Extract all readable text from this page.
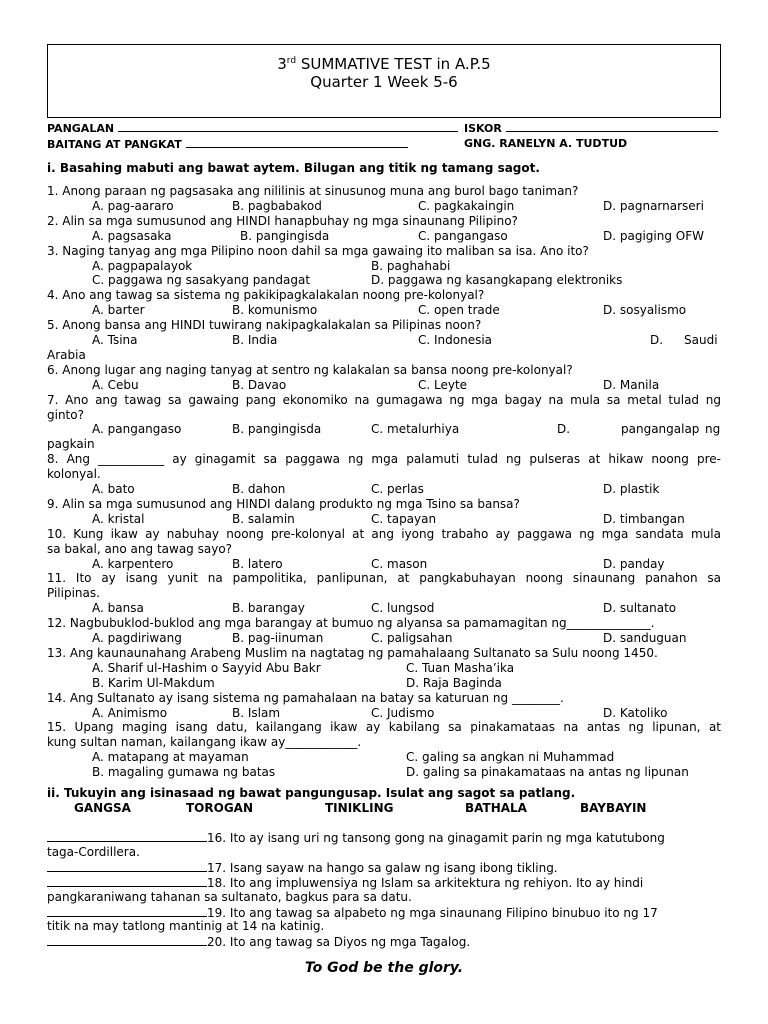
3rd SUMMATIVE TEST in A.P.5
Quarter 1 Week 5-6
PANGALAN	ISKOR
BAITANG AT PANGKAT	GNG. RANELYN A. TUDTUD
i. Basahing mabuti ang bawat aytem. Bilugan ang titik ng tamang sagot.
ii. Tukuyin ang isinasaad ng bawat pangungusap. Isulat ang sagot sa patlang.
To God be the glory.
1. Anong paraan ng pagsasaka ang nililinis at sinusunog muna ang burol bago taniman?
A. pag-aararo	B. pagbabakod	C. pagkakaingin	D. pagnarnarseri
2. Alin sa mga sumusunod ang HINDI hanapbuhay ng mga sinaunang Pilipino?
A. pagsasaka	B. pangingisda	C. pangangaso	D. pagiging OFW
3. Naging tanyag ang mga Pilipino noon dahil sa mga gawaing ito maliban sa isa. Ano ito?
A. pagpapalayok	B. paghahabi
C. paggawa ng sasakyang pandagat	D. paggawa ng kasangkapang elektroniks
4. Ano ang tawag sa sistema ng pakikipagkalakalan noong pre-kolonyal?
A. barter	B. komunismo	C. open trade	D. sosyalismo
5. Anong bansa ang HINDI tuwirang nakipagkalakalan sa Pilipinas noon?
A. Tsina	B. India	C. Indonesia	D. Saudi
Arabia
6. Anong lugar ang naging tanyag at sentro ng kalakalan sa bansa noong pre-kolonyal?
A. Cebu	B. Davao	C. Leyte	D. Manila
7. Ano ang tawag sa gawaing pang ekonomiko na gumagawa ng mga bagay na mula sa metal tulad ng
ginto?
A. pangangaso	B. pangingisda	C. metalurhiya	D.	pangangalap ng
pagkain
8. Ang ___________ ay ginagamit sa paggawa ng mga palamuti tulad ng pulseras at hikaw noong pre-
kolonyal.
A. bato	B. dahon	C. perlas	D. plastik
9. Alin sa mga sumusunod ang HINDI dalang produkto ng mga Tsino sa bansa?
A. kristal	B. salamin	C. tapayan	D. timbangan
10. Kung ikaw ay nabuhay noong pre-kolonyal at ang iyong trabaho ay paggawa ng mga sandata mula
sa bakal, ano ang tawag sayo?
A. karpentero	B. latero	C. mason	D. panday
11. Ito ay isang yunit na pampolitika, panlipunan, at pangkabuhayan noong sinaunang panahon sa
Pilipinas.
A. bansa	B. barangay	C. lungsod	D. sultanato
12. Nagbubuklod-buklod ang mga barangay at bumuo ng alyansa sa pamamagitan ng______________.
A. pagdiriwang	B. pag-iinuman	C. paligsahan	D. sanduguan
13. Ang kaunaunahang Arabeng Muslim na nagtatag ng pamahalaang Sultanato sa Sulu noong 1450.
A. Sharif ul-Hashim o Sayyid Abu Bakr	C. Tuan Masha’ika
B. Karim Ul-Makdum	D. Raja Baginda
14. Ang Sultanato ay isang sistema ng pamahalaan na batay sa katuruan ng ________.
A. Animismo	B. Islam	C. Judismo	D. Katoliko
15. Upang maging isang datu, kailangang ikaw ay kabilang sa pinakamataas na antas ng lipunan, at
kung sultan naman, kailangang ikaw ay____________.
A. matapang at mayaman	C. galing sa angkan ni Muhammad
B. magaling gumawa ng batas	D. galing sa pinakamataas na antas ng lipunan
GANGSA	TOROGAN	TINIKLING	BATHALA	BAYBAYIN
16. Ito ay isang uri ng tansong gong na ginagamit parin ng mga katutubong
taga-Cordillera.
17. Isang sayaw na hango sa galaw ng isang ibong tikling.
18. Ito ang impluwensiya ng Islam sa arkitektura ng rehiyon. Ito ay hindi
pangkaraniwang tahanan sa sultanato, bagkus para sa datu.
19. Ito ang tawag sa alpabeto ng mga sinaunang Filipino binubuo ito ng 17
titik na may tatlong mantinig at 14 na katinig.
20. Ito ang tawag sa Diyos ng mga Tagalog.
